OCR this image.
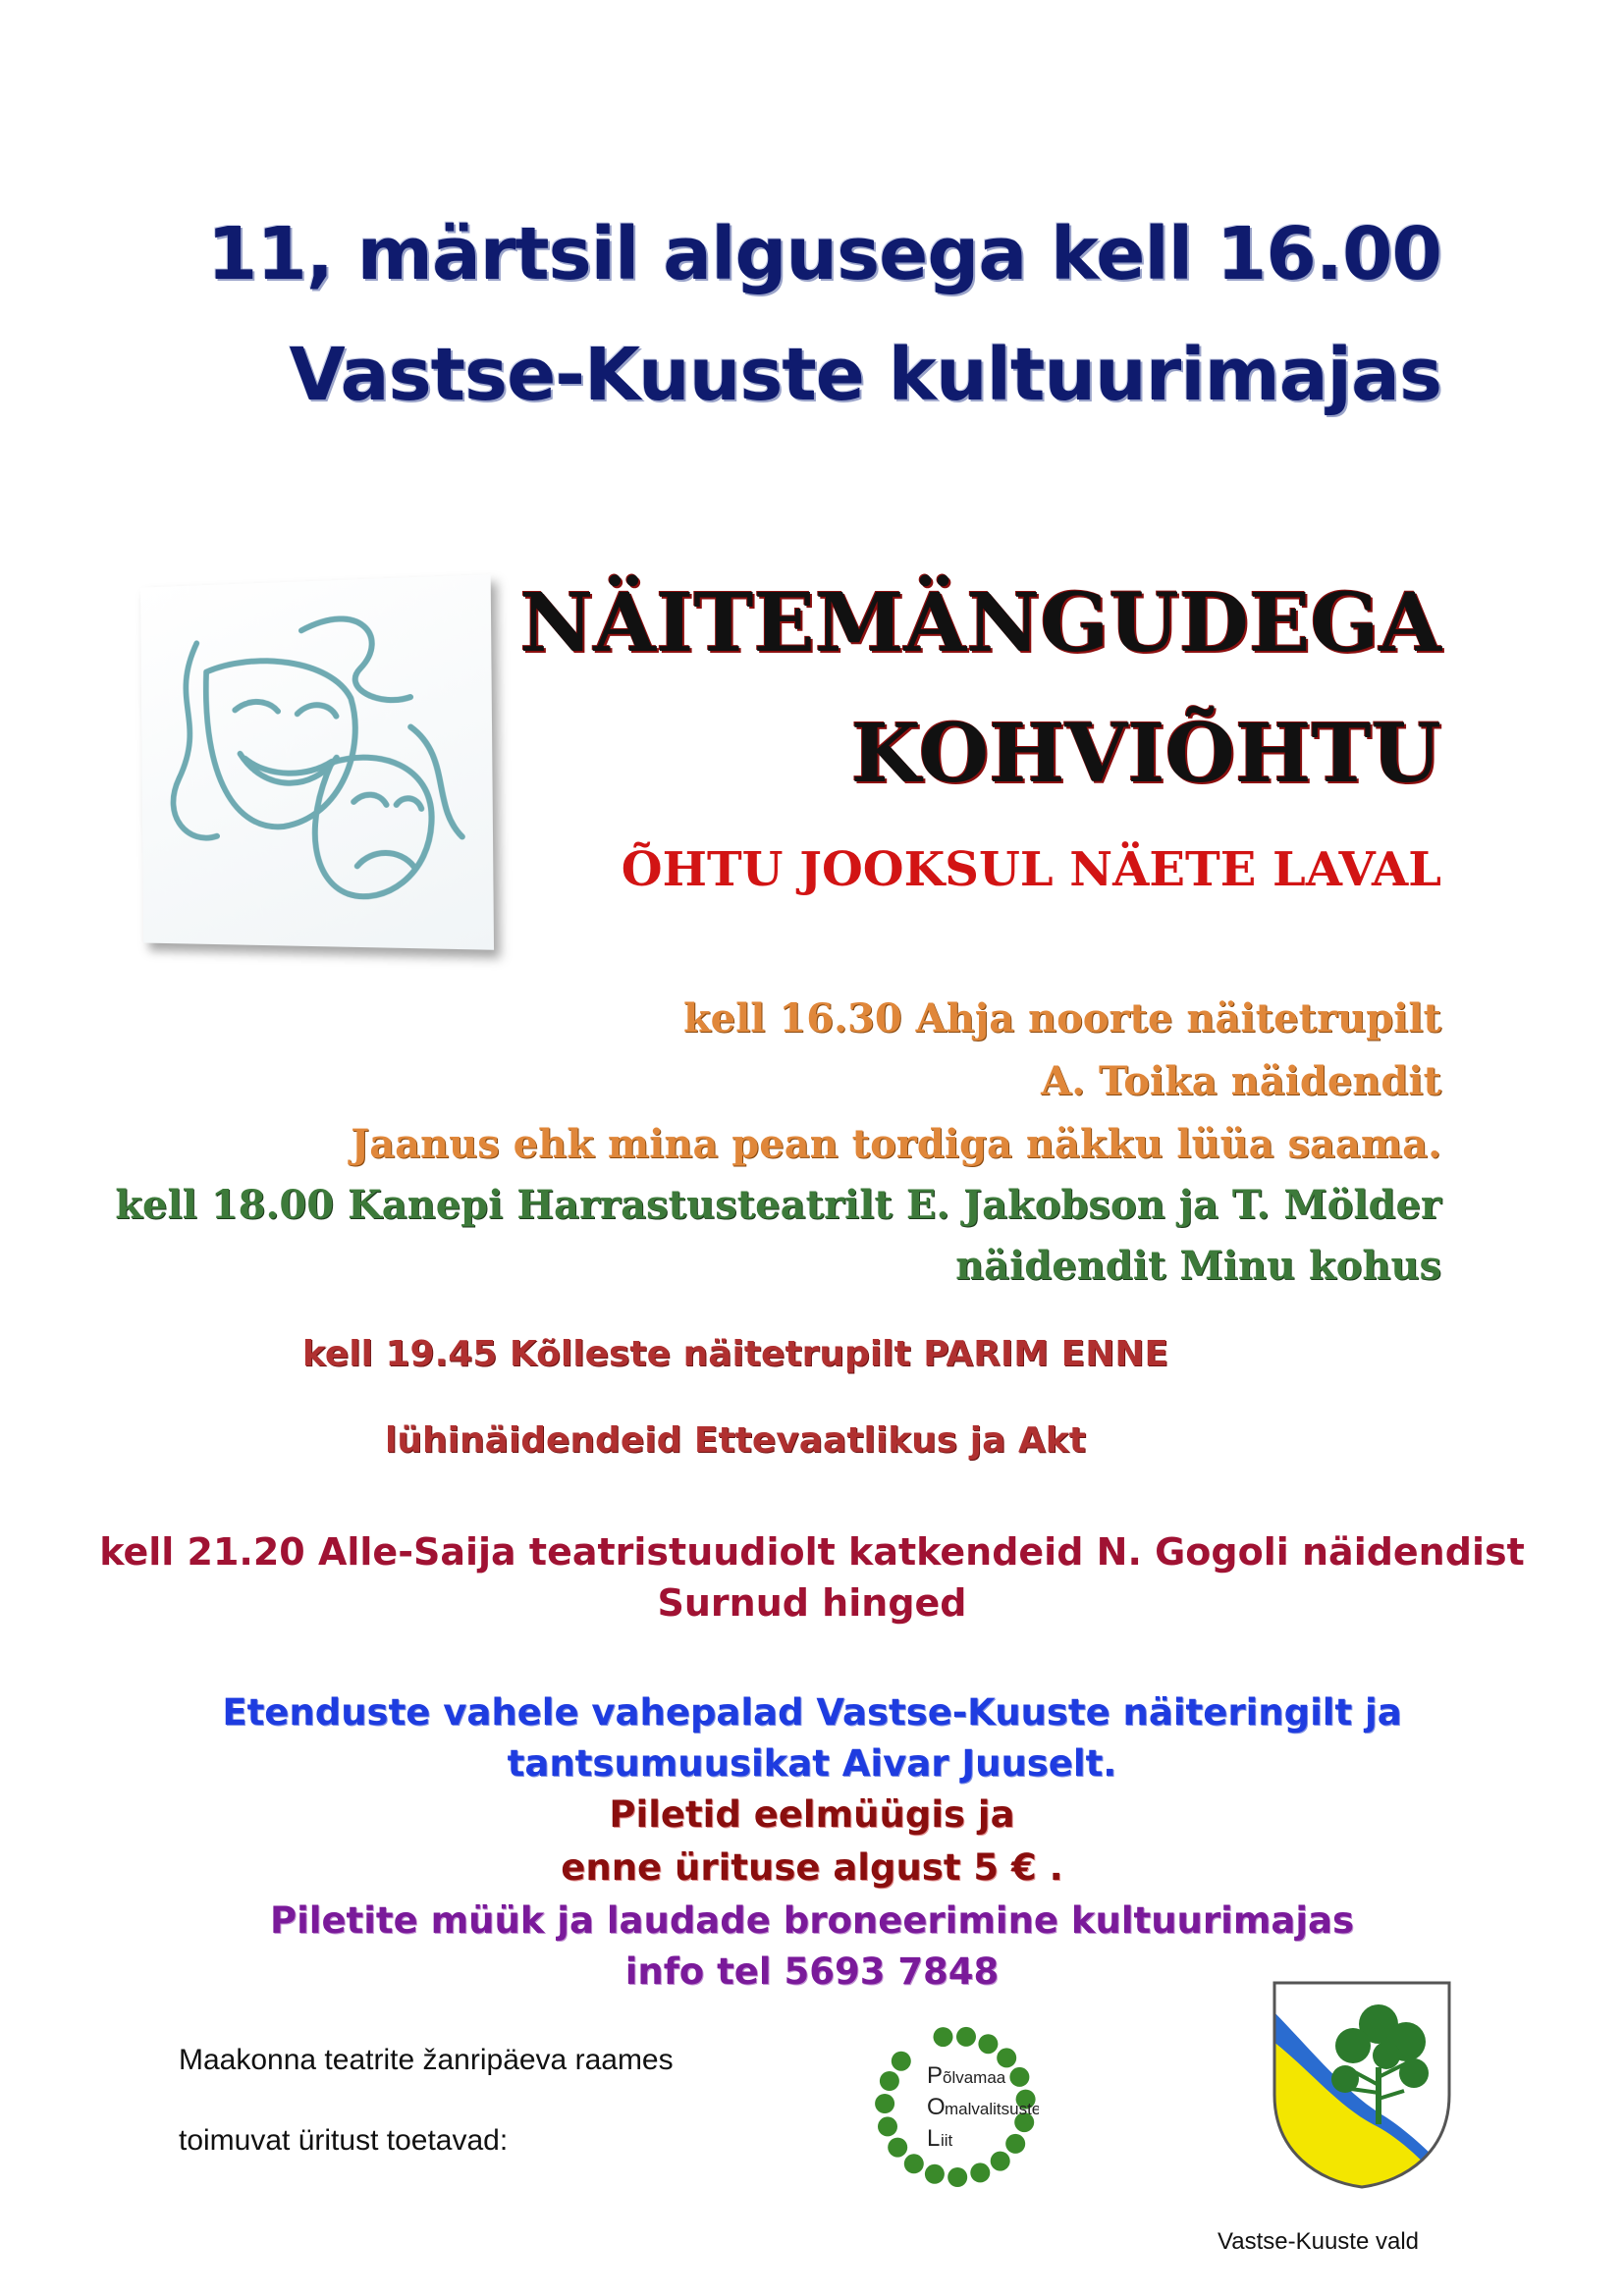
11, märtsil algusega kell 16.00
Vastse-Kuuste kultuurimajas
NÄITEMÄNGUDEGA
KOHVIÕHTU
ÕHTU JOOKSUL NÄETE LAVAL
kell 16.30 Ahja noorte näitetrupilt
A. Toika näidendit
Jaanus ehk mina pean tordiga näkku lüüa saama.
kell 18.00 Kanepi Harrastusteatrilt E. Jakobson ja T. Mölder
näidendit Minu kohus
kell 19.45 Kõlleste näitetrupilt PARIM ENNE
lühinäidendeid Ettevaatlikus ja Akt
kell 21.20 Alle-Saija teatristuudiolt katkendeid N. Gogoli näidendist
Surnud hinged
Etenduste vahele vahepalad Vastse-Kuuste näiteringilt ja
tantsumuusikat Aivar Juuselt.
Piletid eelmüügis ja
enne ürituse algust 5 € .
Piletite müük ja laudade broneerimine kultuurimajas
info tel 5693 7848
Maakonna teatrite žanripäeva raames
toimuvat üritust toetavad:
P õlvamaa
O malvalitsuste
L iit
Vastse-Kuuste vald
